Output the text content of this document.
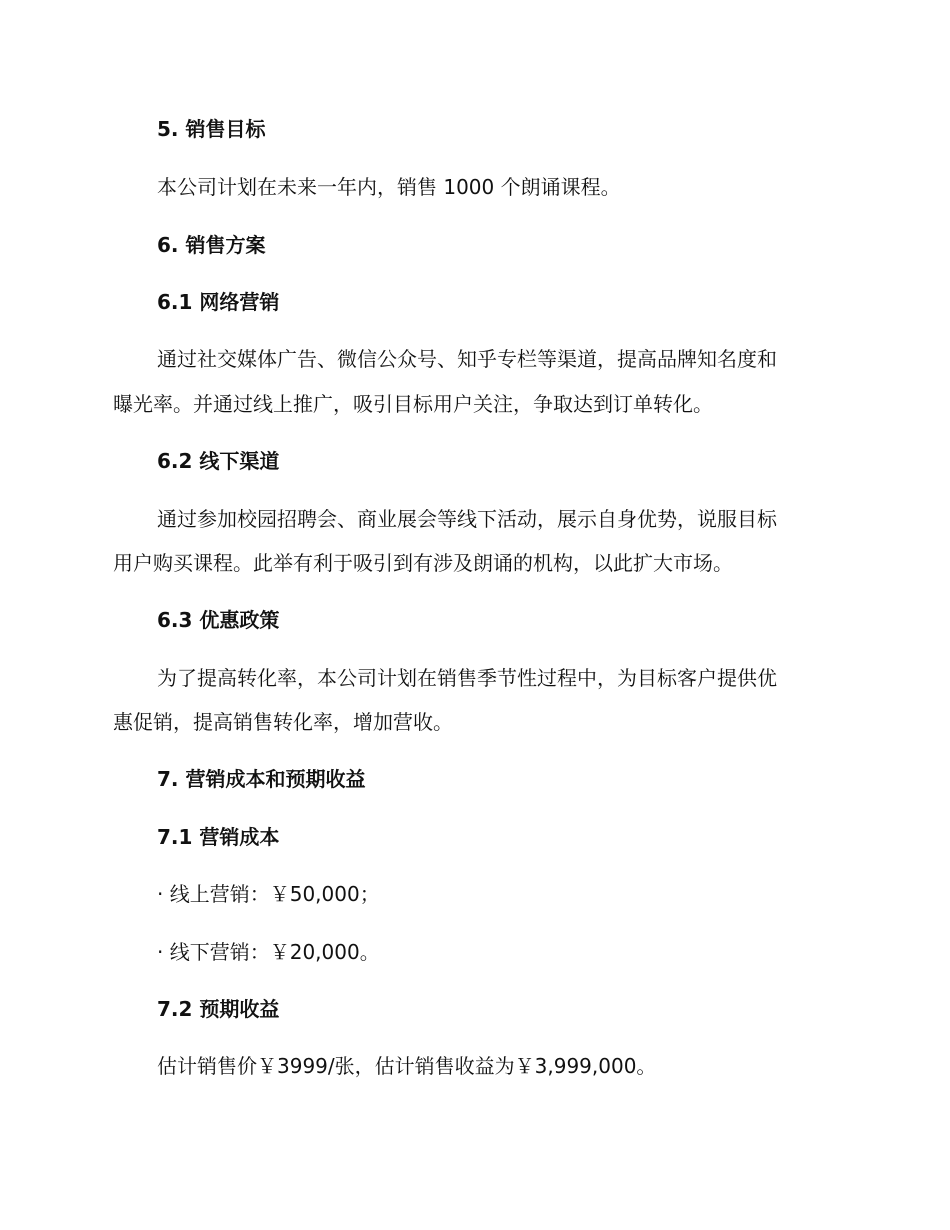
5. 销售目标
本公司计划在未来一年内，销售 1000 个朗诵课程。
6. 销售方案
6.1 网络营销
通过社交媒体广告、微信公众号、知乎专栏等渠道，提高品牌知名度和
曝光率。并通过线上推广，吸引目标用户关注，争取达到订单转化。
6.2 线下渠道
通过参加校园招聘会、商业展会等线下活动，展示自身优势，说服目标
用户购买课程。此举有利于吸引到有涉及朗诵的机构，以此扩大市场。
6.3 优惠政策
为了提高转化率，本公司计划在销售季节性过程中，为目标客户提供优
惠促销，提高销售转化率，增加营收。
7. 营销成本和预期收益
7.1 营销成本
· 线上营销：￥50,000；
· 线下营销：￥20,000。
7.2 预期收益
估计销售价￥3999/张，估计销售收益为￥3,999,000。
